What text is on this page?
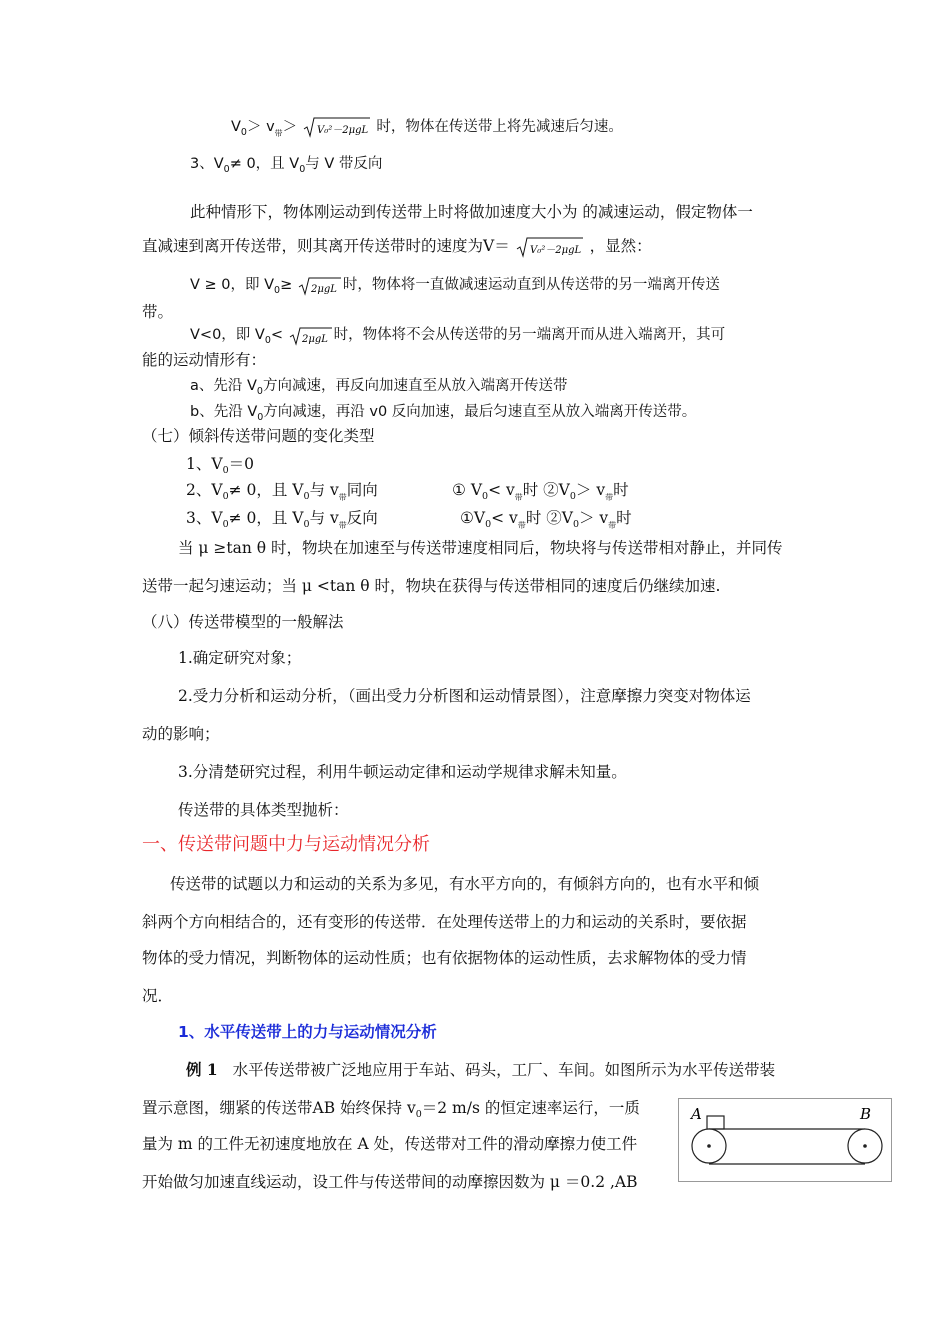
$V_0> v_带> V_0^2-2\mu gL$ 时，物体在传送带上将先减速后匀速。
3、$V_0\ne 0$，且 $V_0$与 V 带反向
此种情形下，物体刚运动到传送带上时将做加速度大小为 的减速运动，假定物体一
直减速到离开传送带，则其离开传送带时的速度为V＝ V₀²－2μgL ，显然：
V ≥ 0，即 $V_0\ge 2\mu gL$ 时，物体将一直做减速运动直到从传送带的另一端离开传送
带。
V<0，即 $V_0< 2\mu gL$ 时，物体将不会从传送带的另一端离开而从进入端离开，其可
能的运动情形有：
a、先沿 $V_0$方向减速，再反向加速直至从放入端离开传送带
b、先沿 $V_0$方向减速，再沿 v0 反向加速，最后匀速直至从放入端离开传送带。
（七）倾斜传送带问题的变化类型
1、$V_0=0$
2、$V_0\ne 0$，且 $V_0$与 $v_带$同向	① $V_0< v_带$时 $②V_0> v_带$时
3、$V_0\ne 0$，且 $V_0$与 $v_带$反向	$①V_0< v_带$时 $②V_0> v_带$时
当 μ ≥tan θ 时，物块在加速至与传送带速度相同后，物块将与传送带相对静止，并同传
送带一起匀速运动；当 μ <tan θ 时，物块在获得与传送带相同的速度后仍继续加速.
（八）传送带模型的一般解法
1.确定研究对象；
2.受力分析和运动分析，（画出受力分析图和运动情景图），注意摩擦力突变对物体运
动的影响；
3.分清楚研究过程，利用牛顿运动定律和运动学规律求解未知量。
传送带的具体类型抛析：
一、传送带问题中力与运动情况分析
传送带的试题以力和运动的关系为多见，有水平方向的，有倾斜方向的，也有水平和倾
斜两个方向相结合的，还有变形的传送带．在处理传送带上的力和运动的关系时，要依据
物体的受力情况，判断物体的运动性质；也有依据物体的运动性质，去求解物体的受力情
况．
1、水平传送带上的力与运动情况分析
例 1 水平传送带被广泛地应用于车站、码头，工厂、车间。如图所示为水平传送带装
置示意图，绷紧的传送带AB 始终保持 $v_0=2$ m/s 的恒定速率运行，一质
量为 m 的工件无初速度地放在 A 处，传送带对工件的滑动摩擦力使工件
开始做匀加速直线运动，设工件与传送带间的动摩擦因数为 μ ＝0.2 ,AB
A	B
